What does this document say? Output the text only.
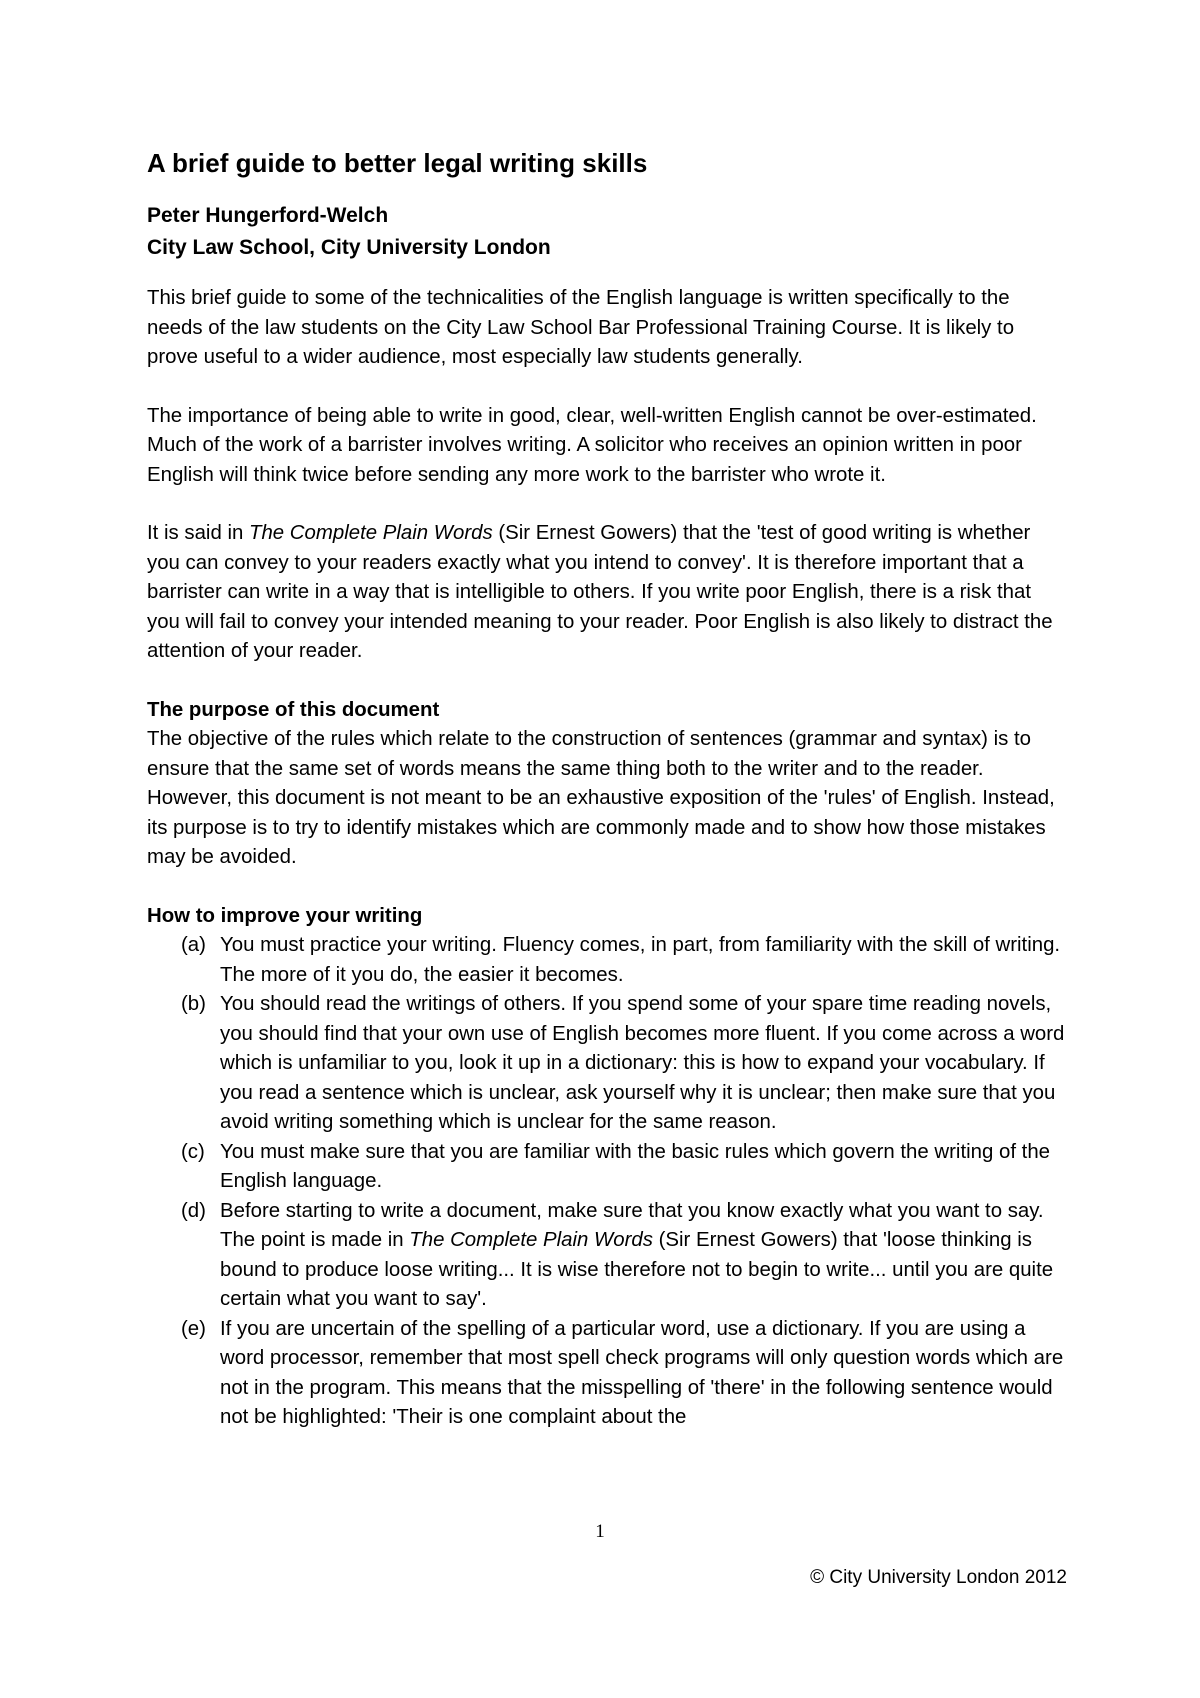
A brief guide to better legal writing skills
Peter Hungerford-Welch
City Law School, City University London

This brief guide to some of the technicalities of the English language is written specifically to the needs of the law students on the City Law School Bar Professional Training Course. It is likely to prove useful to a wider audience, most especially law students generally.

The importance of being able to write in good, clear, well-written English cannot be over-estimated. Much of the work of a barrister involves writing. A solicitor who receives an opinion written in poor English will think twice before sending any more work to the barrister who wrote it.

It is said in The Complete Plain Words (Sir Ernest Gowers) that the 'test of good writing is whether you can convey to your readers exactly what you intend to convey'. It is therefore important that a barrister can write in a way that is intelligible to others. If you write poor English, there is a risk that you will fail to convey your intended meaning to your reader. Poor English is also likely to distract the attention of your reader.

The purpose of this document

The objective of the rules which relate to the construction of sentences (grammar and syntax) is to ensure that the same set of words means the same thing both to the writer and to the reader. However, this document is not meant to be an exhaustive exposition of the 'rules' of English. Instead, its purpose is to try to identify mistakes which are commonly made and to show how those mistakes may be avoided.

How to improve your writing
(a) You must practice your writing. Fluency comes, in part, from familiarity with the skill of writing. The more of it you do, the easier it becomes.
(b) You should read the writings of others. If you spend some of your spare time reading novels, you should find that your own use of English becomes more fluent. If you come across a word which is unfamiliar to you, look it up in a dictionary: this is how to expand your vocabulary. If you read a sentence which is unclear, ask yourself why it is unclear; then make sure that you avoid writing something which is unclear for the same reason.
(c) You must make sure that you are familiar with the basic rules which govern the writing of the English language.
(d) Before starting to write a document, make sure that you know exactly what you want to say. The point is made in The Complete Plain Words (Sir Ernest Gowers) that 'loose thinking is bound to produce loose writing... It is wise therefore not to begin to write... until you are quite certain what you want to say'.
(e) If you are uncertain of the spelling of a particular word, use a dictionary. If you are using a word processor, remember that most spell check programs will only question words which are not in the program. This means that the misspelling of 'there' in the following sentence would not be highlighted: 'Their is one complaint about the
1
© City University London 2012
